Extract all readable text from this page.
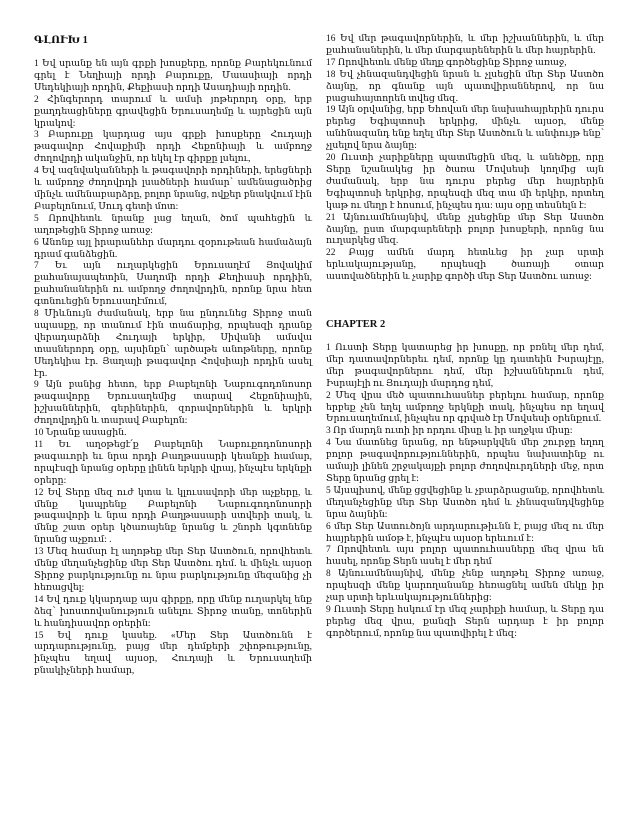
ԳԼՈՒԽ 1

1 Եվ սրանք են այն գրքի խոսքերը, որոնք Բարեկունում գրել է Նեղիայի որդի Բարուքը, Մաասիայի որդի Սեդեկիայի որդին, Քեքիասի որդի Ասադիայի որդին.

2 Հինգերորդ տարում և ամսի յոթերորդ օրը, երբ քաղդեացիները գրավեցին Երուսաղեմը և այրեցին այն կրակով:

3 Բարուքը կարդաց այս գրքի խոսքերը Հուդայի թագավոր Հովաքիմի որդի Հեքոնիայի և ամբողջ ժողովրդի ականջին, որ եկել էր գիրքը լսելու,

4 Եվ ազնվականների և թագավորի որդիների, երեցների և ամբողջ ժողովրդի լսածների համար՝ ամենացածրից մինչև ամենաբարձրը, բոլոր նրանց, ովքեր բնակվում էին Բաբելոնում, Սուդ գետի մոտ:

5 Որովհետև նրանք լաց եղան, ծոմ պահեցին և աղոթեցին Տիրոջ առաջ:

6 Անոնք այլ իրարանեհր մարդու զօրութեան համաձայն դրամ գանձեցին.

7 Եւ այն ուղարկեցին Երուսաղէմ Յովակիմ քահանայապետին, Սաղոմի որդի Քեղիասի որդիին, քահանաներին ու ամբողջ ժողովրդին, որոնք նրա հետ գտնուեցին Երուսաղէմում,

8 Միևնույն ժամանակ, երբ նա ընդունեց Տիրոջ տան սպասքը, որ տանում էին տաճարից, որպեսզի դրանք վերադարձնի Հուդայի երկիր, Սիվանի ամսվա տասներորդ օրը, այսինքն՝ արծաթե անոթները, որոնք Սեդեկիա էր. Յաղայի թագավոր Հովսիայի որդին ասել էր.

9 Այն բանից հետո, երբ Բաբելոնի Նաբուգոդոնոսոր թագավորը Երուսաղեմից տարավ Հեքոնիային, իշխաններին, գերիներին, զորավորներին և երկրի ժողովրդին և տարավ Բաբելոն:

10 Նրանք ասացին.

11 Եւ աղօթեցէ՛ք Բաբելոնի Նաբուքոդոնոսորի թագաւորի եւ նրա որդի Բաղթասարի կեանքի համար, որպէսզի նրանց օրերը լինեն երկրի վրայ, ինչպէս երկնքի օրերը:

12 Եվ Տերը մեզ ուժ կտա և կլուսավորի մեր աչքերը, և մենք կապրենք Բաբելոնի Նաբուգոդոնոսորի թագավորի և նրա որդի Բաղթասարի ստվերի տակ, և մենք շատ օրեր կծառայենք նրանց և շնորհ կգտնենք նրանց աչքում: .

13 Մեզ համար էլ աղոթեք մեր Տեր Աստծուն, որովհետև մենք մեղանչեցինք մեր Տեր Աստծու դեմ. և մինչև այսօր Տիրոջ բարկությունը ու նրա բարկությունը մեզանից չի հեռացվել:

14 Եվ դուք կկարդաք այս գիրքը, որը մենք ուղարկել ենք ձեզ՝ խոստովանություն անելու Տիրոջ տանը, տոներին և հանդիսավոր օրերին:

15 Եվ դուք կասեք. «Մեր Տեր Աստծունն է արդարությունը, բայց մեր դեմքերի շփոթությունը, ինչպես եղավ այսօր, Հուդայի և Երուսաղեմի բնակիչների համար,

16 Եվ մեր թագավորներին, և մեր իշխաններին, և մեր քահանաներին, և մեր մարգարեներին և մեր հայրերին.

17 Որովհետև մենք մեղք գործեցինք Տիրոջ առաջ,

18 Եվ չհնազանդվեցին նրան և չլսեցին մեր Տեր Աստծո ձայնը, որ գնանք այն պատվիրաններով, որ նա բացահայտորեն տվեց մեզ.

19 Այն օրվանից, երբ Եհովան մեր նախահայրերին դուրս բերեց Եգիպտոսի երկրից, մինչև այսօր, մենք անհնազանդ ենք եղել մեր Տեր Աստծուն և անփույթ ենք՝ չլսելով նրա ձայնը:

20 Ուստի չարիքները պատմեցին մեզ, և անեծքը, որը Տերը նշանակեց իր ծառա Մովսեսի կողմից այն ժամանակ, երբ նա դուրս բերեց մեր հայրերին Եգիպտոսի երկրից, որպեսզի մեզ տա մի երկիր, որտեղ կաթ ու մեղր է հոսում, ինչպես դա: այս օրը տեսնելն է:

21 Այնուամենայնիվ, մենք չլսեցինք մեր Տեր Աստծո ձայնը, ըստ մարգարեների բոլոր խոսքերի, որոնց նա ուղարկեց մեզ.

22 Բայց ամեն մարդ հետևեց իր չար սրտի երևակայությանը, որպեսզի ծառայի օտար աստվածներին և չարիք գործի մեր Տեր Աստծու առաջ:

CHAPTER 2

1 Ուստի Տերը կատարեց իր խոսքը, որ բռնել մեր դեմ, մեր դատավորներեւ դեմ, որոնք կը դատեին Իսրայէլը, մեր թագավորներու դեմ, մեր իշխաններուն դեմ, Իսրայէլի ու Յուդայի մարդոց դեմ,

2 Մեզ վրա մեծ պատուհասներ բերելու համար, որոնք երբեք չեն եղել ամբողջ երկնքի տակ, ինչպես որ եղավ Երուսաղեմում, ինչպես որ գրված էր Մովսեսի օրենքում.

3 Որ մարդն ուտի իր որդու միսը և իր աղջկա միսը:

4 Նա մատնեց նրանց, որ ենթարկվեն մեր շուրջը եղող բոլոր թագավորություններին, որպես նախատինք ու ամայի լինեն շրջակայքի բոլոր ժողովուրդների մեջ, որտ Տերը նրանց ցրել է:

5 Այսպիսով, մենք ցցվեցինք և չբարձրացանք, որովհետև մեղանչեցինք մեր Տեր Աստծո դեմ և չհնազանդվեցինք նրա ձայնին:

6 մեր Տեր Աստուծոյն արդարութիւնն է, բայց մեզ ու մեր հայրերին ամօթ է, ինչպէս այսօր երեւում է:

7 Որովհետև այս բոլոր պատուհասները մեզ վրա են հասել, որոնք Տերն ասել է մեր դեմ

8 Այնուամենայնիվ, մենք չենք աղոթել Տիրոջ առաջ, որպեսզի մենք կարողանանք հեռացնել ամեն մեկը իր չար սրտի երևակայություններից:

9 Ուստի Տերը հսկում էր մեզ չարիքի համար, և Տերը դա բերեց մեզ վրա, քանզի Տերն արդար է իր բոլոր գործերում, որոնք նա պատվիրել է մեզ:
